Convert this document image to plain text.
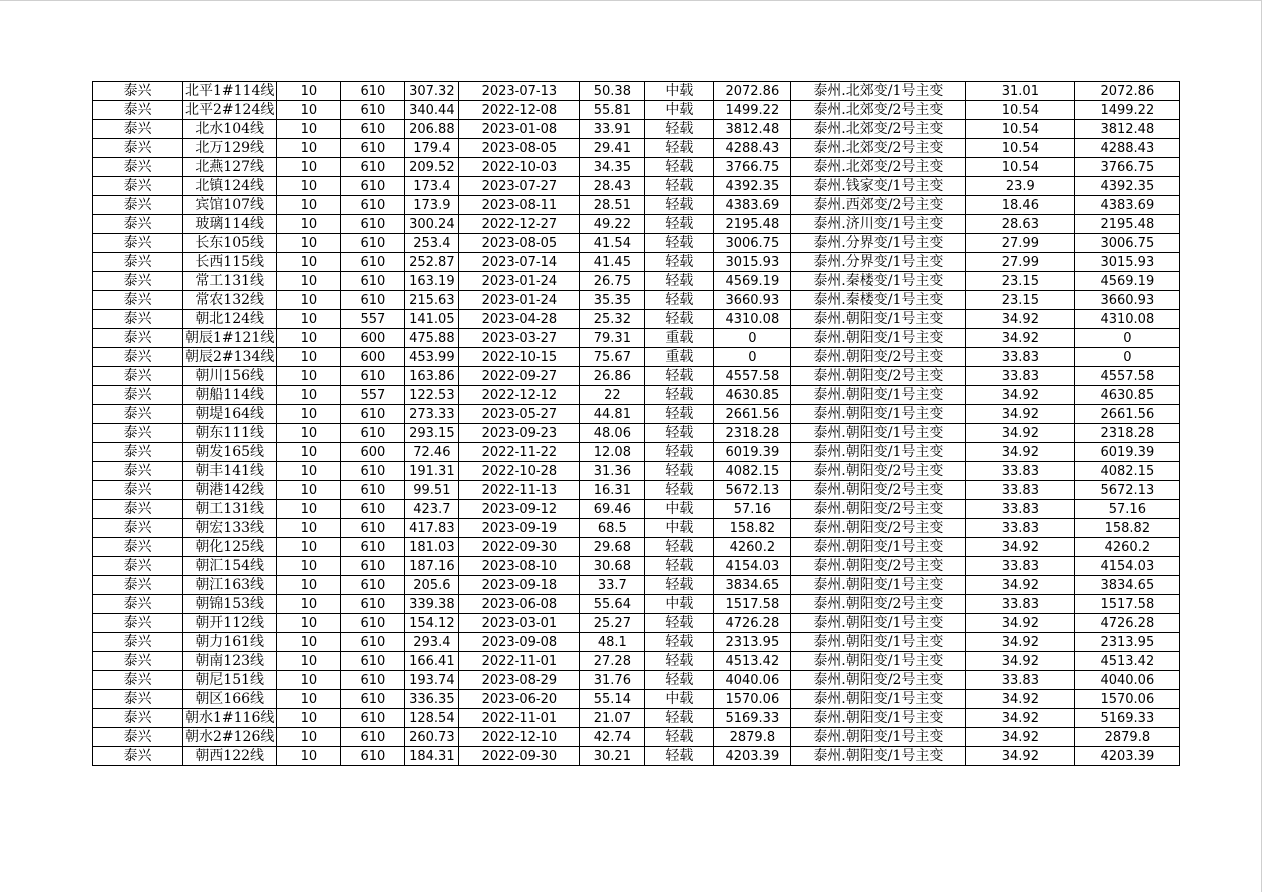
泰兴	北平1#114线	10	610	307.32	2023-07-13	50.38	中载	2072.86	泰州.北郊变/1号主变	31.01	2072.86
泰兴	北平2#124线	10	610	340.44	2022-12-08	55.81	中载	1499.22	泰州.北郊变/2号主变	10.54	1499.22
泰兴	北水104线	10	610	206.88	2023-01-08	33.91	轻载	3812.48	泰州.北郊变/2号主变	10.54	3812.48
泰兴	北万129线	10	610	179.4	2023-08-05	29.41	轻载	4288.43	泰州.北郊变/2号主变	10.54	4288.43
泰兴	北燕127线	10	610	209.52	2022-10-03	34.35	轻载	3766.75	泰州.北郊变/2号主变	10.54	3766.75
泰兴	北镇124线	10	610	173.4	2023-07-27	28.43	轻载	4392.35	泰州.钱家变/1号主变	23.9	4392.35
泰兴	宾馆107线	10	610	173.9	2023-08-11	28.51	轻载	4383.69	泰州.西郊变/2号主变	18.46	4383.69
泰兴	玻璃114线	10	610	300.24	2022-12-27	49.22	轻载	2195.48	泰州.济川变/1号主变	28.63	2195.48
泰兴	长东105线	10	610	253.4	2023-08-05	41.54	轻载	3006.75	泰州.分界变/1号主变	27.99	3006.75
泰兴	长西115线	10	610	252.87	2023-07-14	41.45	轻载	3015.93	泰州.分界变/1号主变	27.99	3015.93
泰兴	常工131线	10	610	163.19	2023-01-24	26.75	轻载	4569.19	泰州.秦楼变/1号主变	23.15	4569.19
泰兴	常农132线	10	610	215.63	2023-01-24	35.35	轻载	3660.93	泰州.秦楼变/1号主变	23.15	3660.93
泰兴	朝北124线	10	557	141.05	2023-04-28	25.32	轻载	4310.08	泰州.朝阳变/1号主变	34.92	4310.08
泰兴	朝辰1#121线	10	600	475.88	2023-03-27	79.31	重载	0	泰州.朝阳变/1号主变	34.92	0
泰兴	朝辰2#134线	10	600	453.99	2022-10-15	75.67	重载	0	泰州.朝阳变/2号主变	33.83	0
泰兴	朝川156线	10	610	163.86	2022-09-27	26.86	轻载	4557.58	泰州.朝阳变/2号主变	33.83	4557.58
泰兴	朝船114线	10	557	122.53	2022-12-12	22	轻载	4630.85	泰州.朝阳变/1号主变	34.92	4630.85
泰兴	朝堤164线	10	610	273.33	2023-05-27	44.81	轻载	2661.56	泰州.朝阳变/1号主变	34.92	2661.56
泰兴	朝东111线	10	610	293.15	2023-09-23	48.06	轻载	2318.28	泰州.朝阳变/1号主变	34.92	2318.28
泰兴	朝发165线	10	600	72.46	2022-11-22	12.08	轻载	6019.39	泰州.朝阳变/1号主变	34.92	6019.39
泰兴	朝丰141线	10	610	191.31	2022-10-28	31.36	轻载	4082.15	泰州.朝阳变/2号主变	33.83	4082.15
泰兴	朝港142线	10	610	99.51	2022-11-13	16.31	轻载	5672.13	泰州.朝阳变/2号主变	33.83	5672.13
泰兴	朝工131线	10	610	423.7	2023-09-12	69.46	中载	57.16	泰州.朝阳变/2号主变	33.83	57.16
泰兴	朝宏133线	10	610	417.83	2023-09-19	68.5	中载	158.82	泰州.朝阳变/2号主变	33.83	158.82
泰兴	朝化125线	10	610	181.03	2022-09-30	29.68	轻载	4260.2	泰州.朝阳变/1号主变	34.92	4260.2
泰兴	朝汇154线	10	610	187.16	2023-08-10	30.68	轻载	4154.03	泰州.朝阳变/2号主变	33.83	4154.03
泰兴	朝江163线	10	610	205.6	2023-09-18	33.7	轻载	3834.65	泰州.朝阳变/1号主变	34.92	3834.65
泰兴	朝锦153线	10	610	339.38	2023-06-08	55.64	中载	1517.58	泰州.朝阳变/2号主变	33.83	1517.58
泰兴	朝开112线	10	610	154.12	2023-03-01	25.27	轻载	4726.28	泰州.朝阳变/1号主变	34.92	4726.28
泰兴	朝力161线	10	610	293.4	2023-09-08	48.1	轻载	2313.95	泰州.朝阳变/1号主变	34.92	2313.95
泰兴	朝南123线	10	610	166.41	2022-11-01	27.28	轻载	4513.42	泰州.朝阳变/1号主变	34.92	4513.42
泰兴	朝尼151线	10	610	193.74	2023-08-29	31.76	轻载	4040.06	泰州.朝阳变/2号主变	33.83	4040.06
泰兴	朝区166线	10	610	336.35	2023-06-20	55.14	中载	1570.06	泰州.朝阳变/1号主变	34.92	1570.06
泰兴	朝水1#116线	10	610	128.54	2022-11-01	21.07	轻载	5169.33	泰州.朝阳变/1号主变	34.92	5169.33
泰兴	朝水2#126线	10	610	260.73	2022-12-10	42.74	轻载	2879.8	泰州.朝阳变/1号主变	34.92	2879.8
泰兴	朝西122线	10	610	184.31	2022-09-30	30.21	轻载	4203.39	泰州.朝阳变/1号主变	34.92	4203.39
